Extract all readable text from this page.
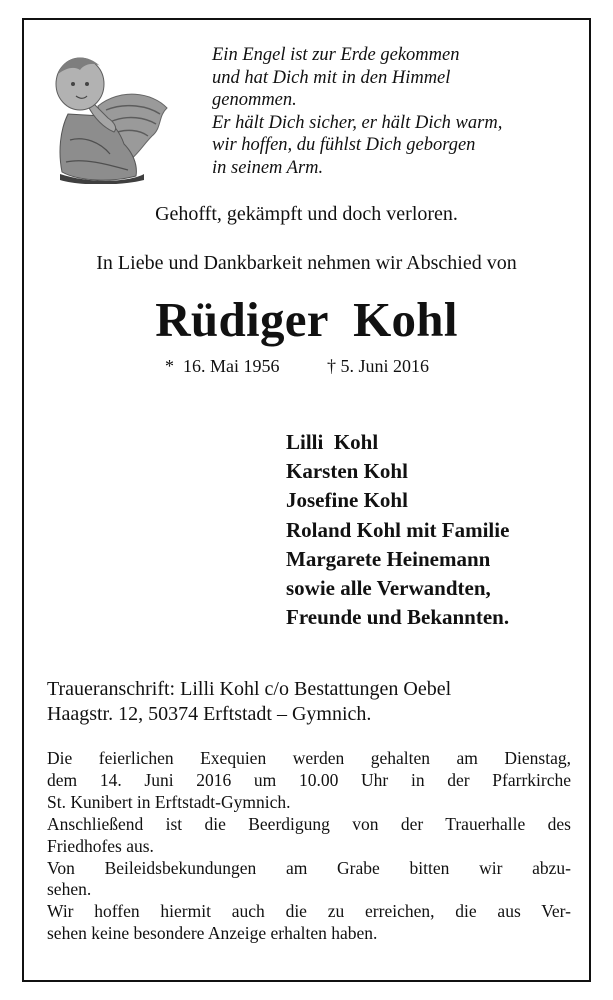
Ein Engel ist zur Erde gekommen
und hat Dich mit in den Himmel
genommen.
Er hält Dich sicher, er hält Dich warm,
wir hoffen, du fühlst Dich geborgen
in seinem Arm.
Gehofft, gekämpft und doch verloren.
In Liebe und Dankbarkeit nehmen wir Abschied von
Rüdiger  Kohl
*  16. Mai 1956	† 5. Juni 2016
Lilli  Kohl
Karsten Kohl
Josefine Kohl
Roland Kohl mit Familie
Margarete Heinemann
sowie alle Verwandten,
Freunde und Bekannten.
Traueranschrift: Lilli Kohl c/o Bestattungen Oebel
Haagstr. 12, 50374 Erftstadt – Gymnich.
Die feierlichen Exequien werden gehalten am Dienstag,
dem 14. Juni 2016 um 10.00 Uhr in der Pfarrkirche
St. Kunibert in Erftstadt-Gymnich.
Anschließend ist die Beerdigung von der Trauerhalle des
Friedhofes aus.
Von Beileidsbekundungen am Grabe bitten wir abzu-
sehen.
Wir hoffen hiermit auch die zu erreichen, die aus Ver-
sehen keine besondere Anzeige erhalten haben.
